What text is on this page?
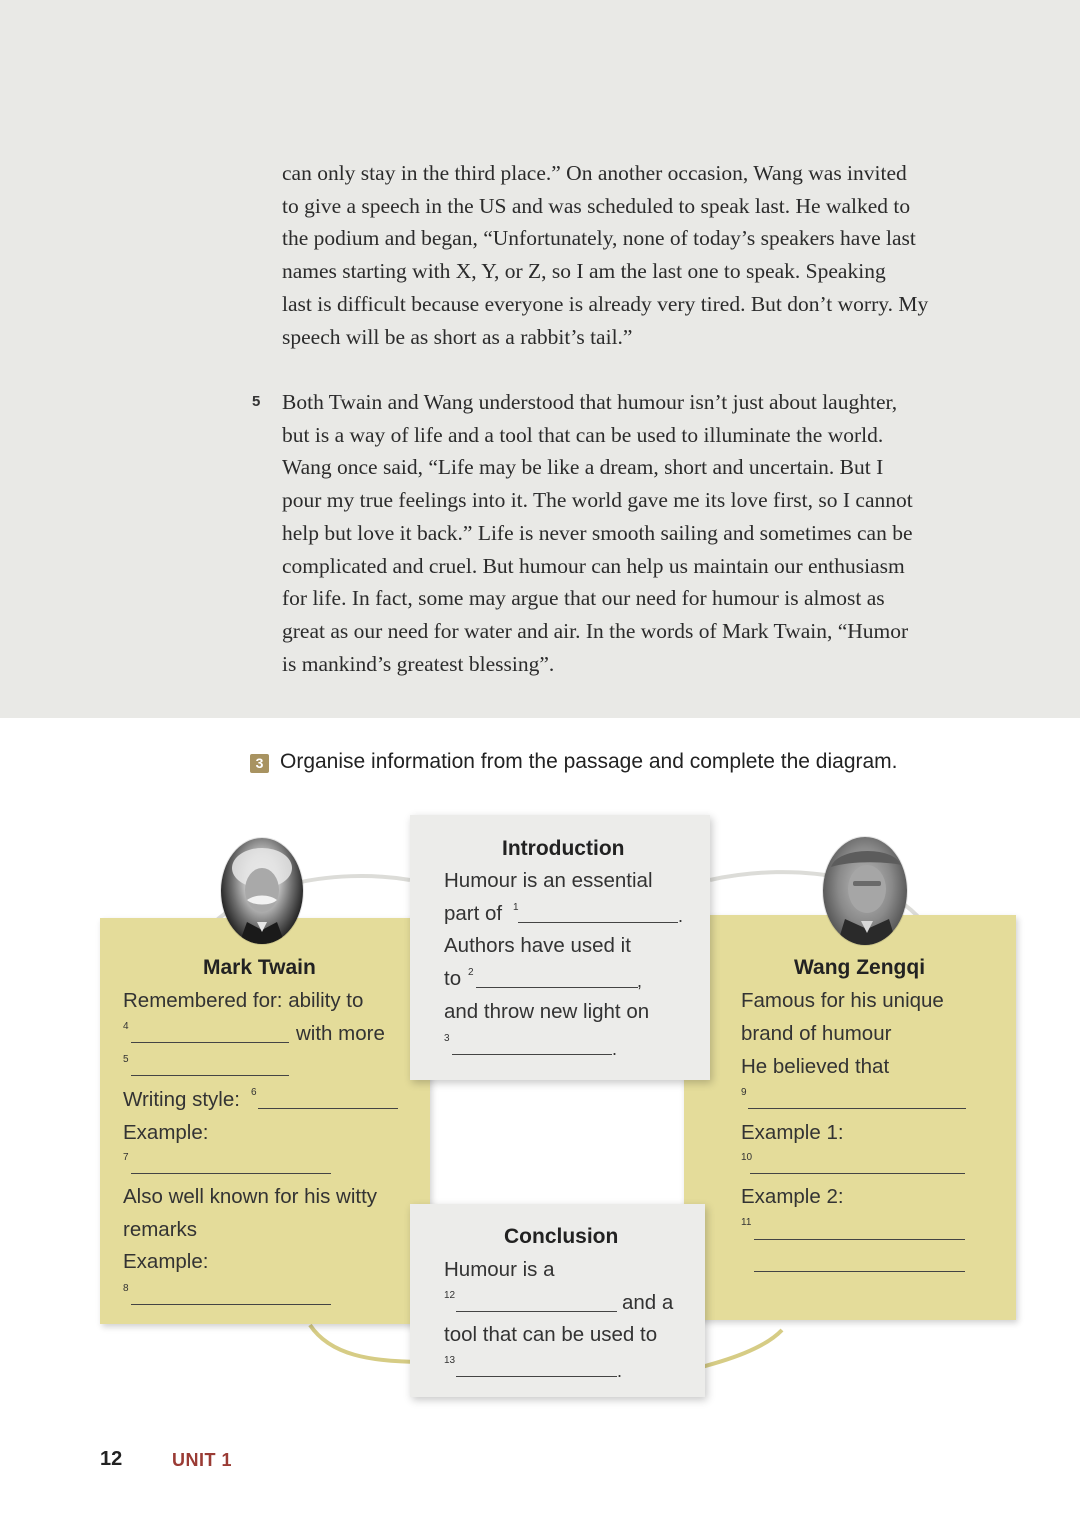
can only stay in the third place.” On another occasion, Wang was invited
to give a speech in the US and was scheduled to speak last. He walked to
the podium and began, “Unfortunately, none of today’s speakers have last
names starting with X, Y, or Z, so I am the last one to speak. Speaking
last is difficult because everyone is already very tired. But don’t worry. My
speech will be as short as a rabbit’s tail.”
5 Both Twain and Wang understood that humour isn’t just about laughter,
but is a way of life and a tool that can be used to illuminate the world.
Wang once said, “Life may be like a dream, short and uncertain. But I
pour my true feelings into it. The world gave me its love first, so I cannot
help but love it back.” Life is never smooth sailing and sometimes can be
complicated and cruel. But humour can help us maintain our enthusiasm
for life. In fact, some may argue that our need for humour is almost as
great as our need for water and air. In the words of Mark Twain, “Humor
is mankind’s greatest blessing”.
3 Organise information from the passage and complete the diagram.
Mark Twain
Remembered for: ability to
4	with more
5
Writing style: 6
Example:
7
Also well known for his witty
remarks
Example:
8
Wang Zengqi
Famous for his unique
brand of humour
He believed that
9
Example 1:
10
Example 2:
11
Introduction
Humour is an essential
part of 1	.
Authors have used it
to 2	,
and throw new light on
3
.
Conclusion
Humour is a
12	and a
tool that can be used to
13
.
12	UNIT 1
